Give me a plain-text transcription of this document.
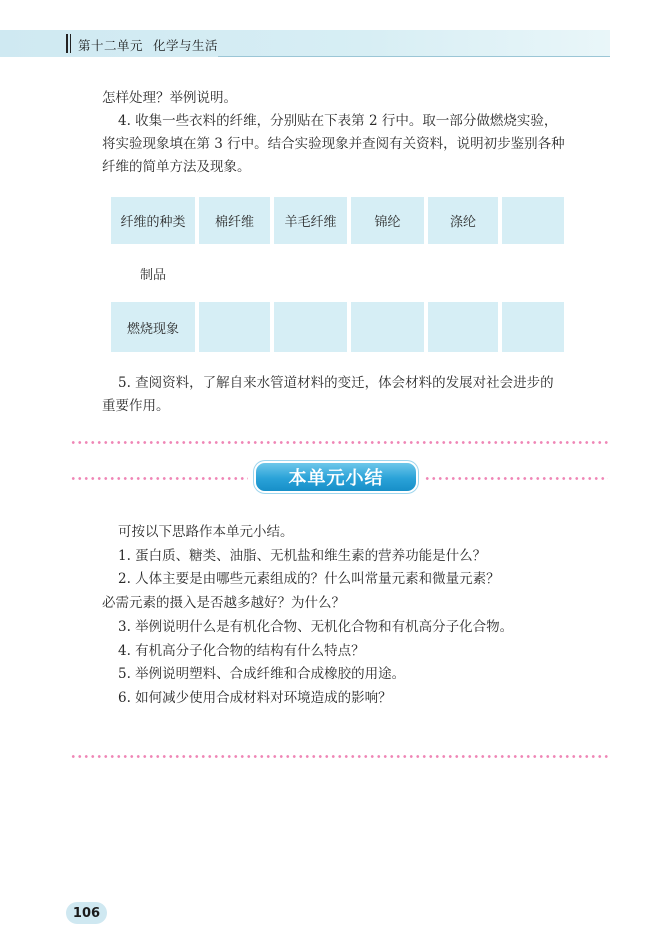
第十二单元 化学与生活
怎样处理？举例说明。
4. 收集一些衣料的纤维，分别贴在下表第 2 行中。取一部分做燃烧实验，
将实验现象填在第 3 行中。结合实验现象并查阅有关资料，说明初步鉴别各种
纤维的简单方法及现象。
纤维的种类	棉纤维	羊毛纤维	锦纶	涤纶
制品
燃烧现象
5. 查阅资料，了解自来水管道材料的变迁，体会材料的发展对社会进步的
重要作用。
本单元小结
可按以下思路作本单元小结。
1. 蛋白质、糖类、油脂、无机盐和维生素的营养功能是什么？
2. 人体主要是由哪些元素组成的？什么叫常量元素和微量元素？
必需元素的摄入是否越多越好？为什么？
3. 举例说明什么是有机化合物、无机化合物和有机高分子化合物。
4. 有机高分子化合物的结构有什么特点？
5. 举例说明塑料、合成纤维和合成橡胶的用途。
6. 如何减少使用合成材料对环境造成的影响？
106
